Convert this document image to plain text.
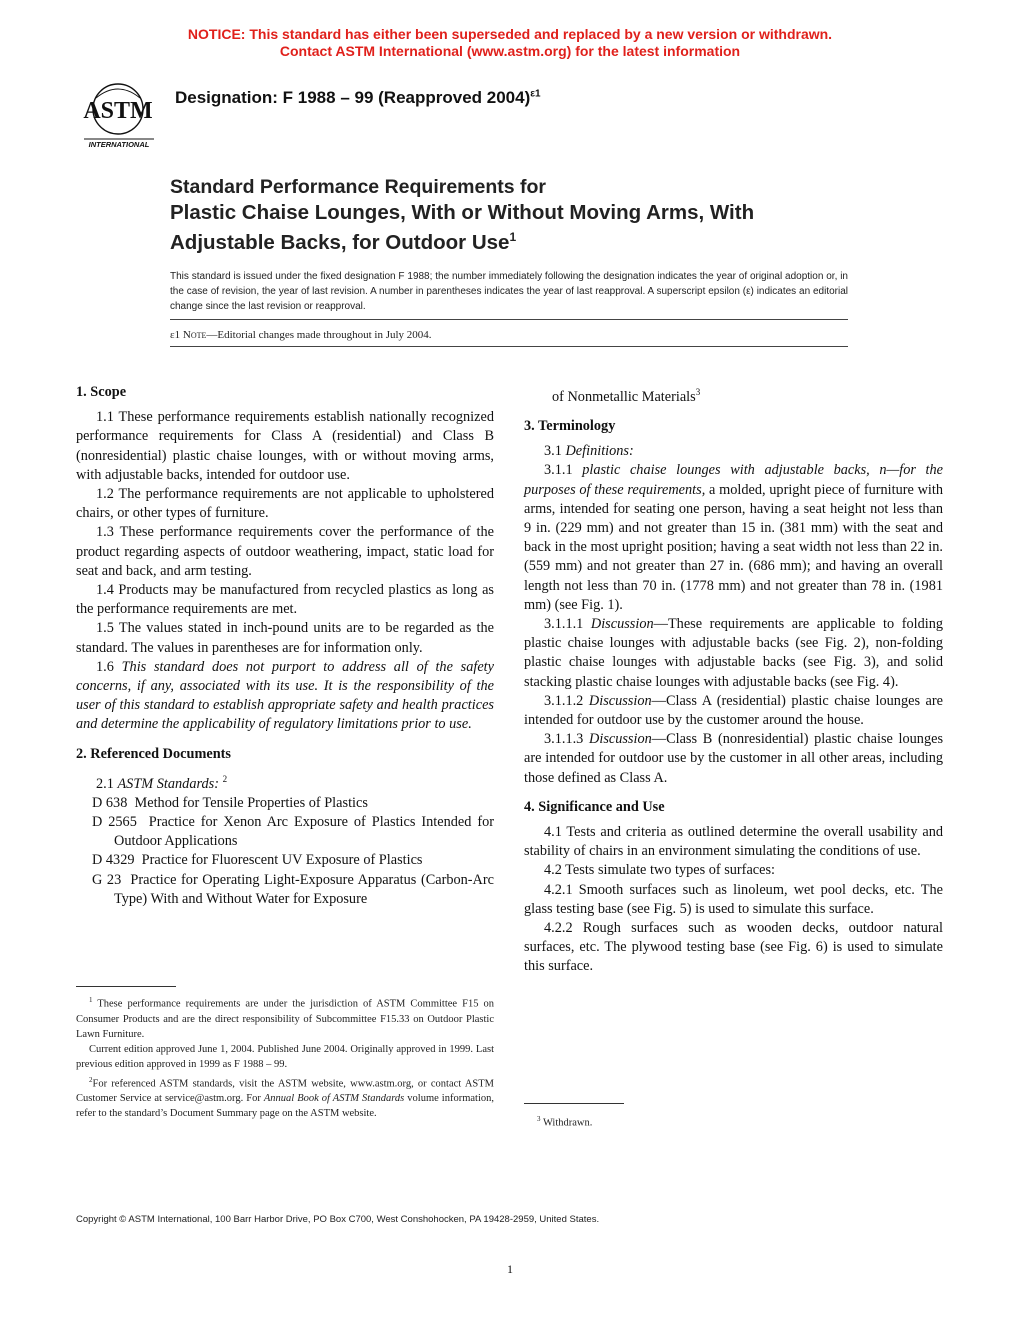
NOTICE: This standard has either been superseded and replaced by a new version or withdrawn.
Contact ASTM International (www.astm.org) for the latest information
ASTM
INTERNATIONAL
Designation: F 1988 – 99 (Reapproved 2004)$^{\varepsilon 1}$
Standard Performance Requirements for
Plastic Chaise Lounges, With or Without Moving Arms, With
Adjustable Backs, for Outdoor Use$^1$
This standard is issued under the fixed designation F 1988; the number immediately following the designation indicates the year of original adoption or, in the case of revision, the year of last revision. A number in parentheses indicates the year of last reapproval. A superscript epsilon (ε) indicates an editorial change since the last revision or reapproval.
ε1 Note—Editorial changes made throughout in July 2004.
1. Scope

1.1 These performance requirements establish nationally recognized performance requirements for Class A (residential) and Class B (nonresidential) plastic chaise lounges, with or without moving arms, with adjustable backs, intended for outdoor use.

1.2 The performance requirements are not applicable to upholstered chairs, or other types of furniture.

1.3 These performance requirements cover the performance of the product regarding aspects of outdoor weathering, impact, static load for seat and back, and arm testing.

1.4 Products may be manufactured from recycled plastics as long as the performance requirements are met.

1.5 The values stated in inch-pound units are to be regarded as the standard. The values in parentheses are for information only.

1.6 This standard does not purport to address all of the safety concerns, if any, associated with its use. It is the responsibility of the user of this standard to establish appropriate safety and health practices and determine the applicability of regulatory limitations prior to use.

2. Referenced Documents

2.1 ASTM Standards: $^2$

D 638 Method for Tensile Properties of Plastics

D 2565 Practice for Xenon Arc Exposure of Plastics Intended for Outdoor Applications

D 4329 Practice for Fluorescent UV Exposure of Plastics

G 23 Practice for Operating Light-Exposure Apparatus (Carbon-Arc Type) With and Without Water for Exposure

of Nonmetallic Materials$^3$
3. Terminology

3.1 Definitions:

3.1.1 plastic chaise lounges with adjustable backs, n—for the purposes of these requirements, a molded, upright piece of furniture with arms, intended for seating one person, having a seat height not less than 9 in. (229 mm) and not greater than 15 in. (381 mm) with the seat and back in the most upright position; having a seat width not less than 22 in. (559 mm) and not greater than 27 in. (686 mm); and having an overall length not less than 70 in. (1778 mm) and not greater than 78 in. (1981 mm) (see Fig. 1).

3.1.1.1 Discussion—These requirements are applicable to folding plastic chaise lounges with adjustable backs (see Fig. 2), non-folding plastic chaise lounges with adjustable backs (see Fig. 3), and solid stacking plastic chaise lounges with adjustable backs (see Fig. 4).

3.1.1.2 Discussion—Class A (residential) plastic chaise lounges are intended for outdoor use by the customer around the house.

3.1.1.3 Discussion—Class B (nonresidential) plastic chaise lounges are intended for outdoor use by the customer in all other areas, including those defined as Class A.

4. Significance and Use

4.1 Tests and criteria as outlined determine the overall usability and stability of chairs in an environment simulating the conditions of use.

4.2 Tests simulate two types of surfaces:

4.2.1 Smooth surfaces such as linoleum, wet pool decks, etc. The glass testing base (see Fig. 5) is used to simulate this surface.

4.2.2 Rough surfaces such as wooden decks, outdoor natural surfaces, etc. The plywood testing base (see Fig. 6) is used to simulate this surface.

$^1$ These performance requirements are under the jurisdiction of ASTM Committee F15 on Consumer Products and are the direct responsibility of Subcommittee F15.33 on Outdoor Plastic Lawn Furniture.

Current edition approved June 1, 2004. Published June 2004. Originally approved in 1999. Last previous edition approved in 1999 as F 1988 – 99.

$^2$For referenced ASTM standards, visit the ASTM website, www.astm.org, or contact ASTM Customer Service at service@astm.org. For Annual Book of ASTM Standards volume information, refer to the standard’s Document Summary page on the ASTM website.	$^3$ Withdrawn.

Copyright © ASTM International, 100 Barr Harbor Drive, PO Box C700, West Conshohocken, PA 19428-2959, United States.
1
